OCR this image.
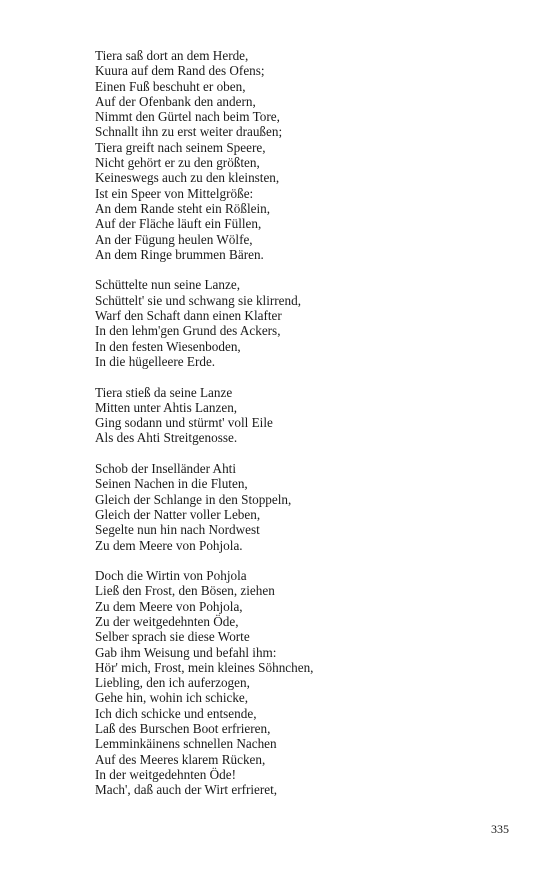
Tiera saß dort an dem Herde,
Kuura auf dem Rand des Ofens;
Einen Fuß beschuht er oben,
Auf der Ofenbank den andern,
Nimmt den Gürtel nach beim Tore,
Schnallt ihn zu erst weiter draußen;
Tiera greift nach seinem Speere,
Nicht gehört er zu den größten,
Keineswegs auch zu den kleinsten,
Ist ein Speer von Mittelgröße:
An dem Rande steht ein Rößlein,
Auf der Fläche läuft ein Füllen,
An der Fügung heulen Wölfe,
An dem Ringe brummen Bären.
Schüttelte nun seine Lanze,
Schüttelt' sie und schwang sie klirrend,
Warf den Schaft dann einen Klafter
In den lehm'gen Grund des Ackers,
In den festen Wiesenboden,
In die hügelleere Erde.
Tiera stieß da seine Lanze
Mitten unter Ahtis Lanzen,
Ging sodann und stürmt' voll Eile
Als des Ahti Streitgenosse.
Schob der Inselländer Ahti
Seinen Nachen in die Fluten,
Gleich der Schlange in den Stoppeln,
Gleich der Natter voller Leben,
Segelte nun hin nach Nordwest
Zu dem Meere von Pohjola.
Doch die Wirtin von Pohjola
Ließ den Frost, den Bösen, ziehen
Zu dem Meere von Pohjola,
Zu der weitgedehnten Öde,
Selber sprach sie diese Worte
Gab ihm Weisung und befahl ihm:
Hör' mich, Frost, mein kleines Söhnchen,
Liebling, den ich auferzogen,
Gehe hin, wohin ich schicke,
Ich dich schicke und entsende,
Laß des Burschen Boot erfrieren,
Lemminkäinens schnellen Nachen
Auf des Meeres klarem Rücken,
In der weitgedehnten Öde!
Mach', daß auch der Wirt erfrieret,
335
